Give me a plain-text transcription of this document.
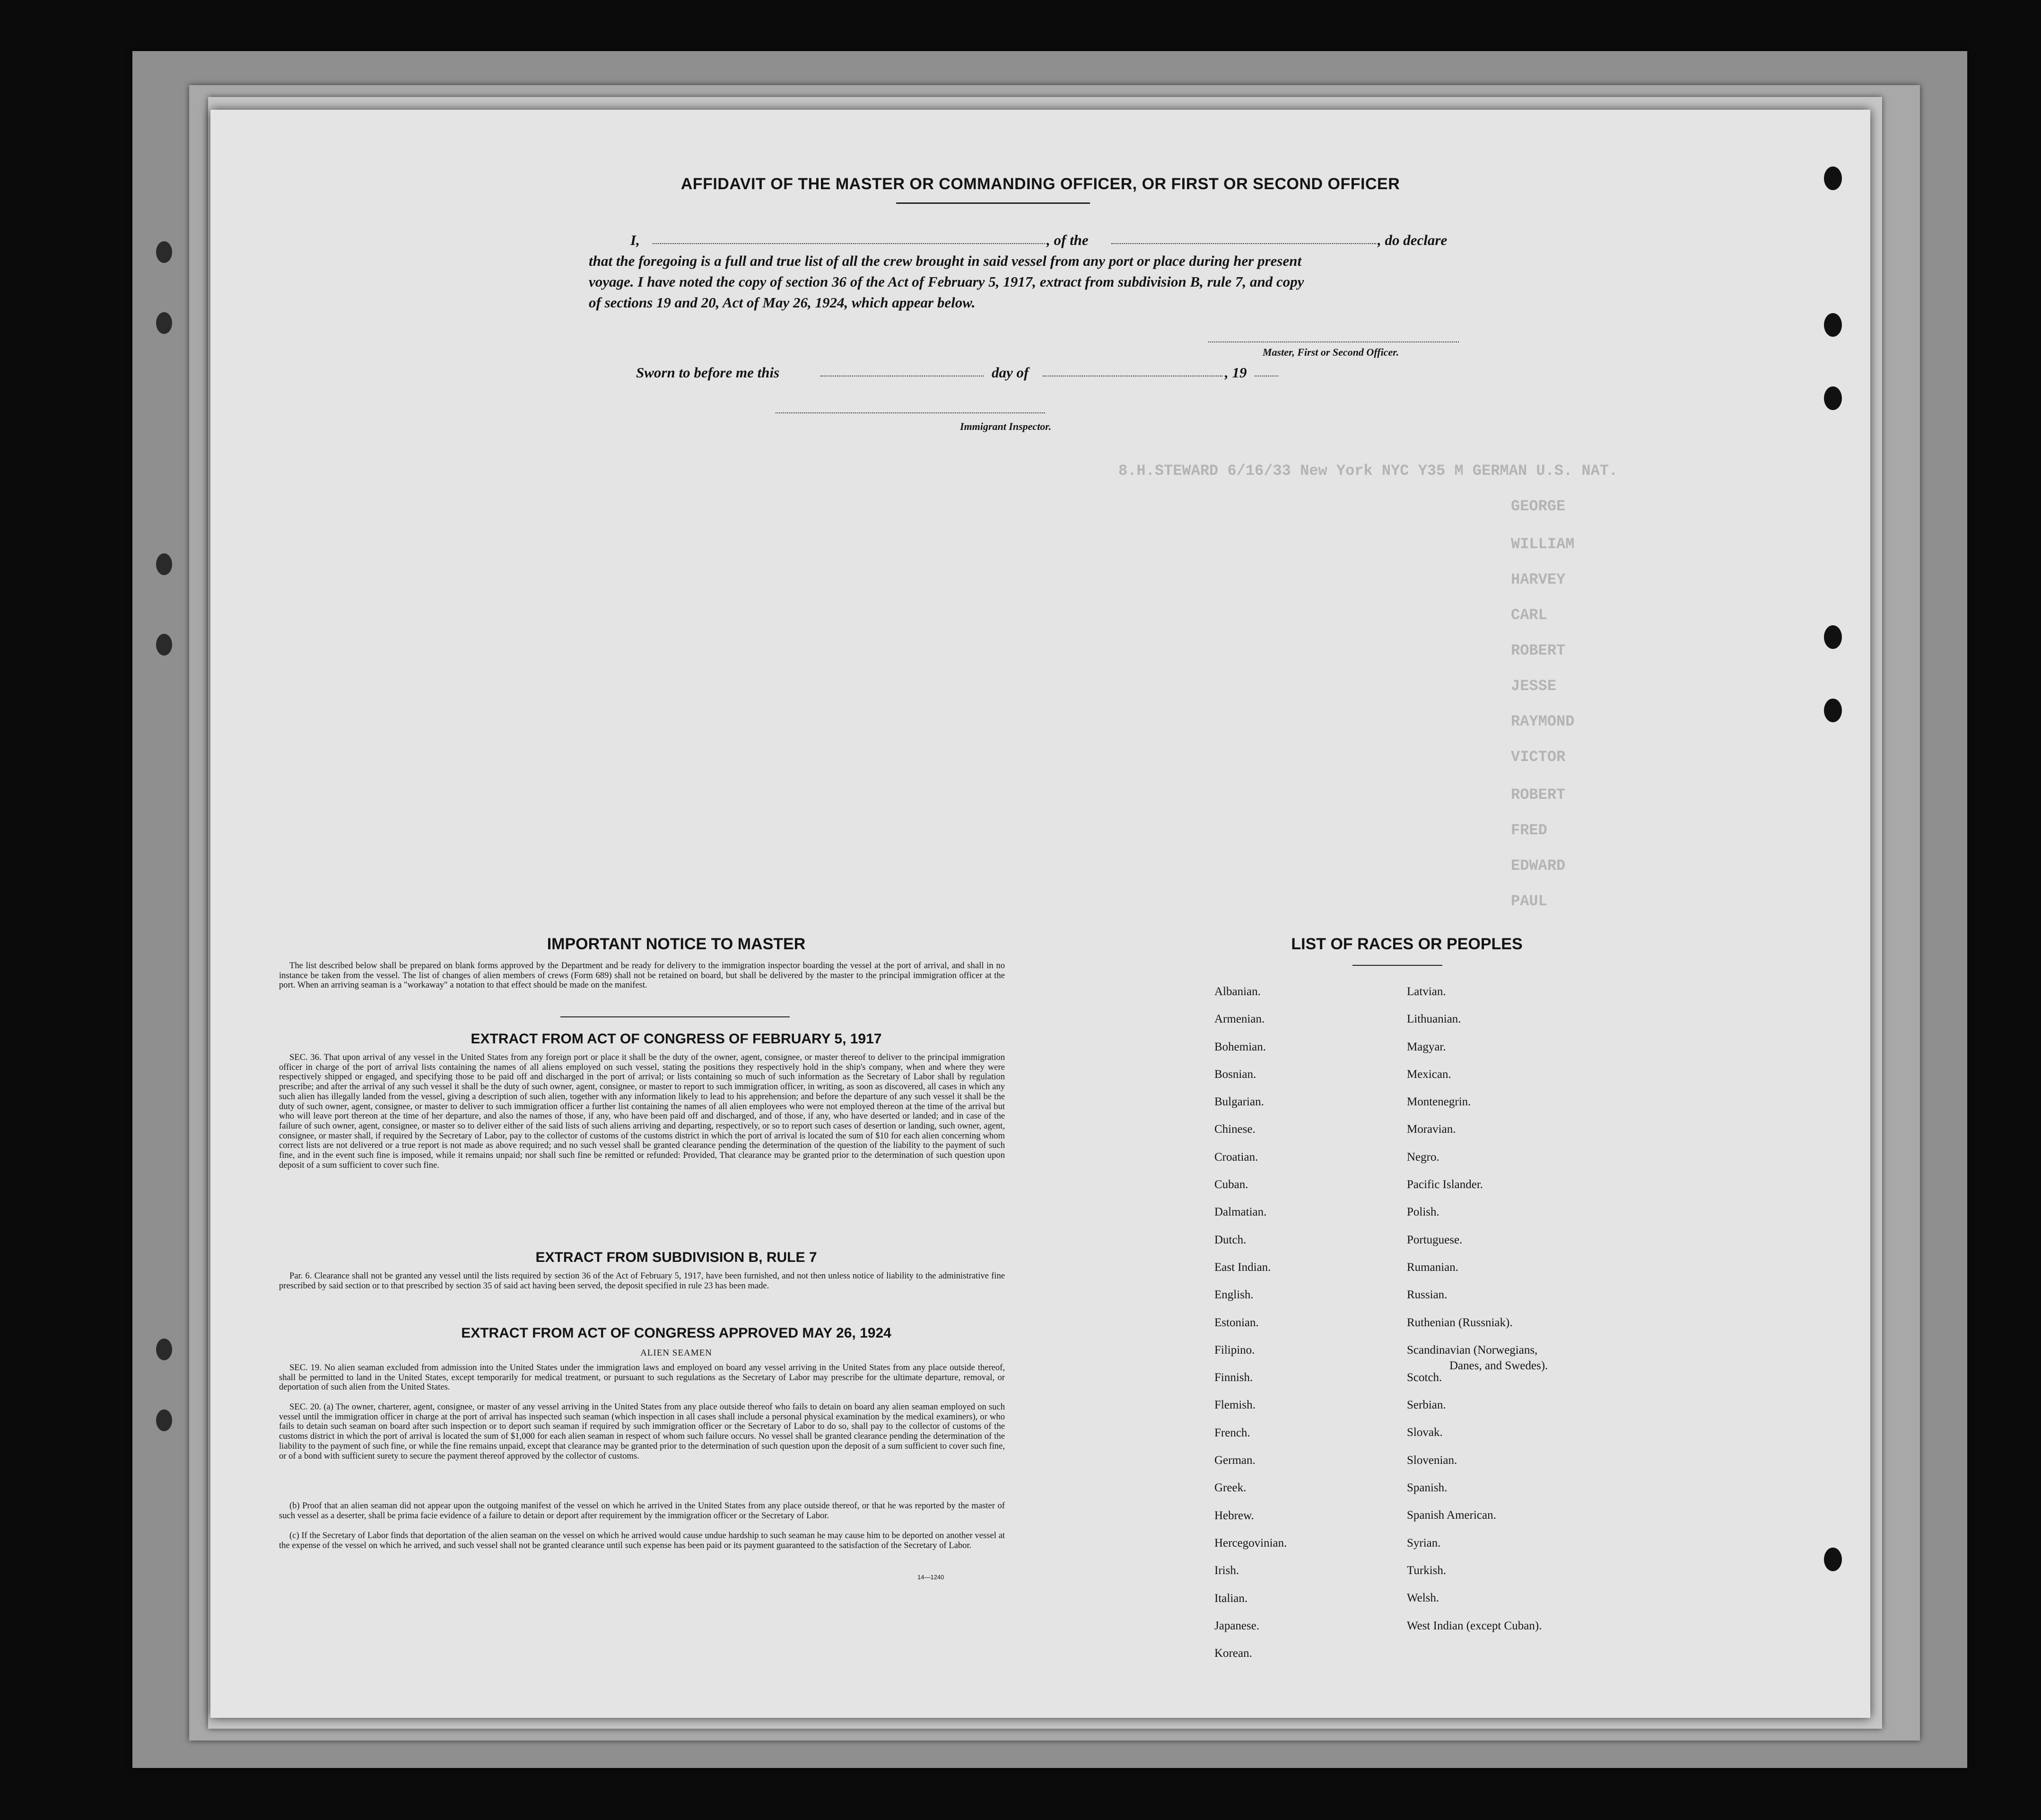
8.H.STEWARD 6/16/33 New York NYC Y35 M GERMAN U.S. NAT.
GEORGE
WILLIAM
HARVEY
CARL
ROBERT
JESSE
RAYMOND
VICTOR
ROBERT
FRED
EDWARD
PAUL
AFFIDAVIT OF THE MASTER OR COMMANDING OFFICER, OR FIRST OR SECOND OFFICER
I,	, of the	, do declare
that the foregoing is a full and true list of all the crew brought in said vessel from any port or place during her present
voyage. I have noted the copy of section 36 of the Act of February 5, 1917, extract from subdivision B, rule 7, and copy
of sections 19 and 20, Act of May 26, 1924, which appear below.
Master, First or Second Officer.
Sworn to before me this	day of	, 19
Immigrant Inspector.
IMPORTANT NOTICE TO MASTER
The list described below shall be prepared on blank forms approved by the Department and be ready for delivery to the immigration inspector boarding the vessel at the port of arrival, and shall in no instance be taken from the vessel. The list of changes of alien members of crews (Form 689) shall not be retained on board, but shall be delivered by the master to the principal immigration officer at the port. When an arriving seaman is a "workaway" a notation to that effect should be made on the manifest.
EXTRACT FROM ACT OF CONGRESS OF FEBRUARY 5, 1917
SEC. 36. That upon arrival of any vessel in the United States from any foreign port or place it shall be the duty of the owner, agent, consignee, or master thereof to deliver to the principal immigration officer in charge of the port of arrival lists containing the names of all aliens employed on such vessel, stating the positions they respectively hold in the ship's company, when and where they were respectively shipped or engaged, and specifying those to be paid off and discharged in the port of arrival; or lists containing so much of such information as the Secretary of Labor shall by regulation prescribe; and after the arrival of any such vessel it shall be the duty of such owner, agent, consignee, or master to report to such immigration officer, in writing, as soon as discovered, all cases in which any such alien has illegally landed from the vessel, giving a description of such alien, together with any information likely to lead to his apprehension; and before the departure of any such vessel it shall be the duty of such owner, agent, consignee, or master to deliver to such immigration officer a further list containing the names of all alien employees who were not employed thereon at the time of the arrival but who will leave port thereon at the time of her departure, and also the names of those, if any, who have been paid off and discharged, and of those, if any, who have deserted or landed; and in case of the failure of such owner, agent, consignee, or master so to deliver either of the said lists of such aliens arriving and departing, respectively, or so to report such cases of desertion or landing, such owner, agent, consignee, or master shall, if required by the Secretary of Labor, pay to the collector of customs of the customs district in which the port of arrival is located the sum of $10 for each alien concerning whom correct lists are not delivered or a true report is not made as above required; and no such vessel shall be granted clearance pending the determination of the question of the liability to the payment of such fine, and in the event such fine is imposed, while it remains unpaid; nor shall such fine be remitted or refunded: Provided, That clearance may be granted prior to the determination of such question upon deposit of a sum sufficient to cover such fine.
EXTRACT FROM SUBDIVISION B, RULE 7
Par. 6. Clearance shall not be granted any vessel until the lists required by section 36 of the Act of February 5, 1917, have been furnished, and not then unless notice of liability to the administrative fine prescribed by said section or to that prescribed by section 35 of said act having been served, the deposit specified in rule 23 has been made.
EXTRACT FROM ACT OF CONGRESS APPROVED MAY 26, 1924
ALIEN SEAMEN
SEC. 19. No alien seaman excluded from admission into the United States under the immigration laws and employed on board any vessel arriving in the United States from any place outside thereof, shall be permitted to land in the United States, except temporarily for medical treatment, or pursuant to such regulations as the Secretary of Labor may prescribe for the ultimate departure, removal, or deportation of such alien from the United States.
SEC. 20. (a) The owner, charterer, agent, consignee, or master of any vessel arriving in the United States from any place outside thereof who fails to detain on board any alien seaman employed on such vessel until the immigration officer in charge at the port of arrival has inspected such seaman (which inspection in all cases shall include a personal physical examination by the medical examiners), or who fails to detain such seaman on board after such inspection or to deport such seaman if required by such immigration officer or the Secretary of Labor to do so, shall pay to the collector of customs of the customs district in which the port of arrival is located the sum of $1,000 for each alien seaman in respect of whom such failure occurs. No vessel shall be granted clearance pending the determination of the liability to the payment of such fine, or while the fine remains unpaid, except that clearance may be granted prior to the determination of such question upon the deposit of a sum sufficient to cover such fine, or of a bond with sufficient surety to secure the payment thereof approved by the collector of customs.
(b) Proof that an alien seaman did not appear upon the outgoing manifest of the vessel on which he arrived in the United States from any place outside thereof, or that he was reported by the master of such vessel as a deserter, shall be prima facie evidence of a failure to detain or deport after requirement by the immigration officer or the Secretary of Labor.
(c) If the Secretary of Labor finds that deportation of the alien seaman on the vessel on which he arrived would cause undue hardship to such seaman he may cause him to be deported on another vessel at the expense of the vessel on which he arrived, and such vessel shall not be granted clearance until such expense has been paid or its payment guaranteed to the satisfaction of the Secretary of Labor.
14—1240
LIST OF RACES OR PEOPLES
Albanian.
Armenian.
Bohemian.
Bosnian.
Bulgarian.
Chinese.
Croatian.
Cuban.
Dalmatian.
Dutch.
East Indian.
English.
Estonian.
Filipino.
Finnish.
Flemish.
French.
German.
Greek.
Hebrew.
Hercegovinian.
Irish.
Italian.
Japanese.
Korean.
Latvian.
Lithuanian.
Magyar.
Mexican.
Montenegrin.
Moravian.
Negro.
Pacific Islander.
Polish.
Portuguese.
Rumanian.
Russian.
Ruthenian (Russniak).
Scandinavian (Norwegians,
Danes, and Swedes).
Scotch.
Serbian.
Slovak.
Slovenian.
Spanish.
Spanish American.
Syrian.
Turkish.
Welsh.
West Indian (except Cuban).
